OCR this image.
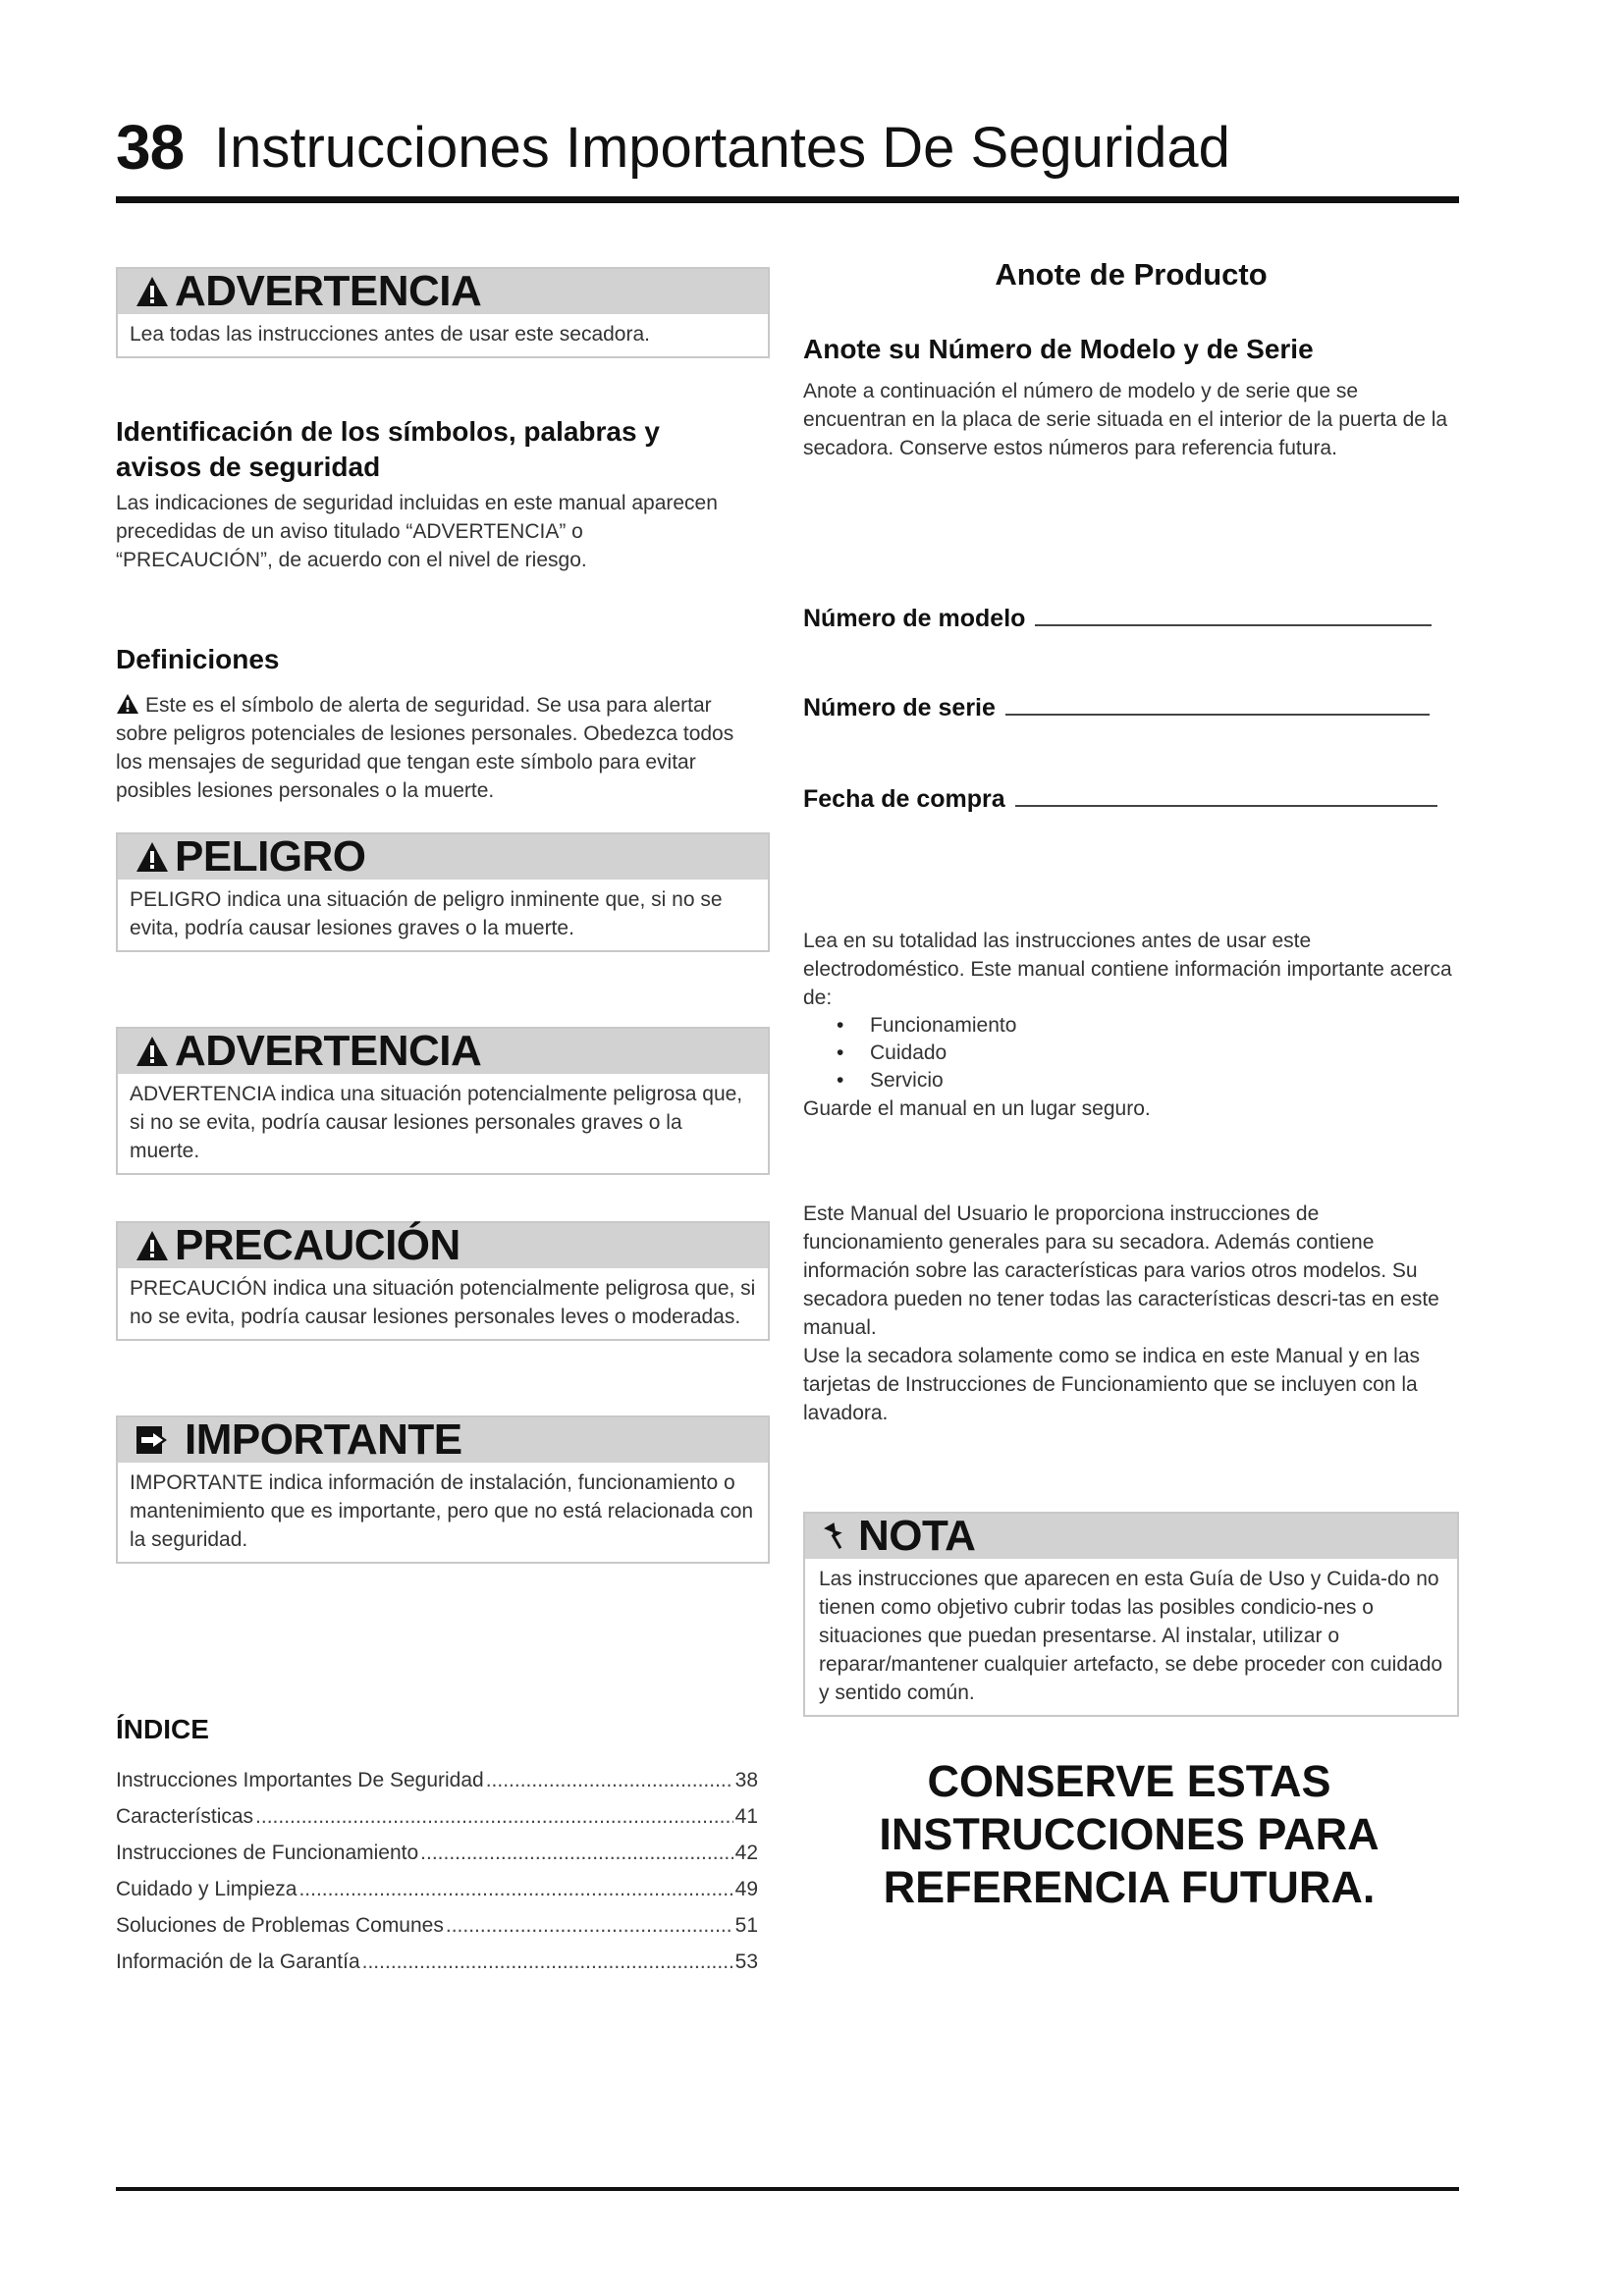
38 Instrucciones Importantes De Seguridad
ADVERTENCIA
Lea todas las instrucciones antes de usar este secadora.
Identificación de los símbolos, palabras y
avisos de seguridad
Las indicaciones de seguridad incluidas en este manual aparecen precedidas de un aviso titulado “ADVERTENCIA” o “PRECAUCIÓN”, de acuerdo con el nivel de riesgo.
Definiciones
Este es el símbolo de alerta de seguridad. Se usa para alertar sobre peligros potenciales de lesiones personales. Obedezca todos los mensajes de seguridad que tengan este símbolo para evitar posibles lesiones personales o la muerte.
PELIGRO
PELIGRO indica una situación de peligro inminente que, si no se evita, podría causar lesiones graves o la muerte.
ADVERTENCIA
ADVERTENCIA indica una situación potencialmente peligrosa que, si no se evita, podría causar lesiones personales graves o la muerte.
PRECAUCIÓN
PRECAUCIÓN indica una situación potencialmente peligrosa que, si no se evita, podría causar lesiones personales leves o moderadas.
IMPORTANTE
IMPORTANTE indica información de instalación, funcionamiento o mantenimiento que es importante, pero que no está relacionada con la seguridad.
ÍNDICE
Instrucciones Importantes De Seguridad .....	38
Características .....	41
Instrucciones de Funcionamiento .....	42
Cuidado y Limpieza .....	49
Soluciones de Problemas Comunes .....	51
Información de la Garantía .....	53
Anote de Producto
Anote su Número de Modelo y de Serie
Anote a continuación el número de modelo y de serie que se encuentran en la placa de serie situada en el interior de la puerta de la secadora. Conserve estos números para referencia futura.
Número de modelo
Número de serie
Fecha de compra
Lea en su totalidad las instrucciones antes de usar este electrodoméstico. Este manual contiene información importante acerca de:
• Funcionamiento
• Cuidado
• Servicio
Guarde el manual en un lugar seguro.
Este Manual del Usuario le proporciona instrucciones de funcionamiento generales para su secadora. Además contiene información sobre las características para varios otros modelos. Su secadora pueden no tener todas las características descri-tas en este manual.
Use la secadora solamente como se indica en este Manual y en las tarjetas de Instrucciones de Funcionamiento que se incluyen con la lavadora.
NOTA
Las instrucciones que aparecen en esta Guía de Uso y Cuida-do no tienen como objetivo cubrir todas las posibles condicio-nes o situaciones que puedan presentarse. Al instalar, utilizar o reparar/mantener cualquier artefacto, se debe proceder con cuidado y sentido común.
CONSERVE ESTAS
INSTRUCCIONES PARA
REFERENCIA FUTURA.
